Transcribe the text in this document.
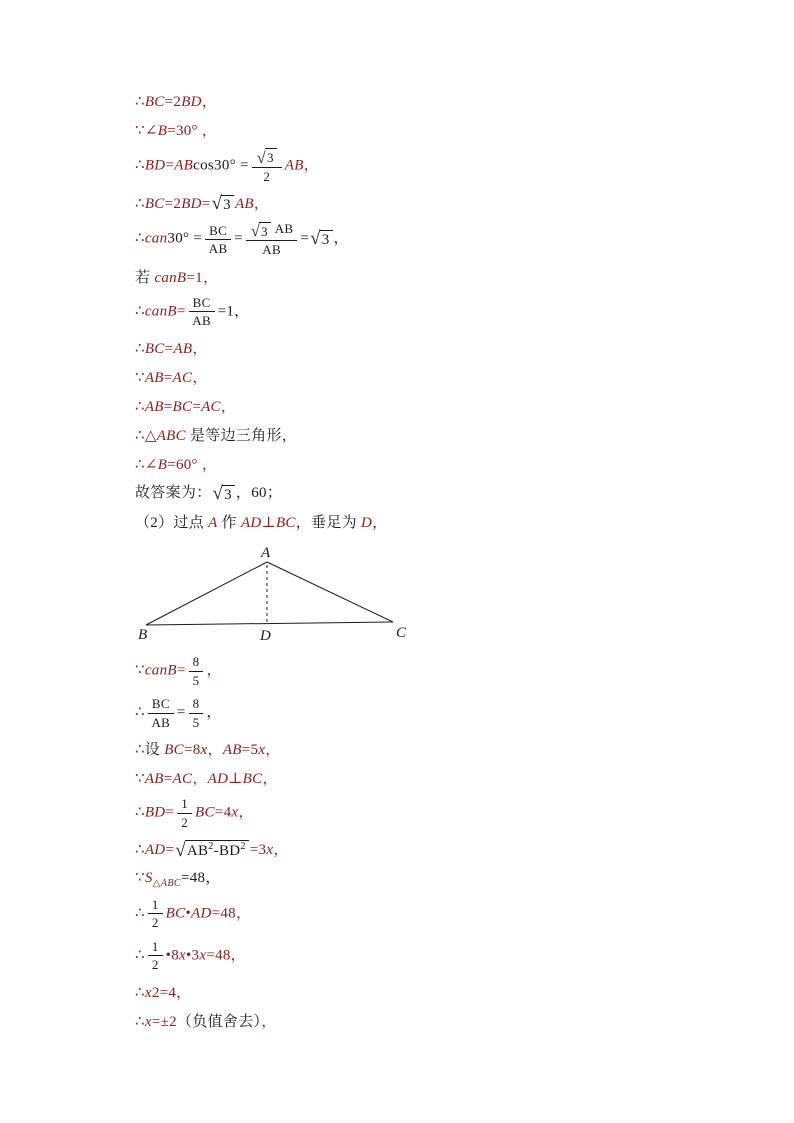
∴BC=2BD，
∵∠B=30° ，
∴BD=ABcos30° = $\frac{√ 3}{2}$ AB，
∴BC=2BD= √ 3 AB，
∴can30° = $\frac{BC}{AB} = \frac{√ 3 AB}{AB}$ = √ 3 ，
若 canB=1，
∴canB= $\frac{BC}{AB} =1$，
∴BC=AB，
∵AB=AC，
∴AB=BC=AC，
∴△ABC 是等边三角形，
∴∠B=60° ，
故答案为： √ 3 ，60；
（2）过点 A 作 AD⊥BC，垂足为 D，
A
B	C
D
∵canB= $\frac{8}{5}$ ，
∴ $\frac{BC}{AB} = \frac{8}{5}$ ，
∴设 BC=8x，AB=5x，
∵AB=AC，AD⊥BC，
∴BD= $\frac{1}{2} BC=4x$，
∴AD= √ $AB^2-BD^2 =3x$，
$\because S_{\triangle ABC}=48$，
∴ $\frac{1}{2}$ BC•AD=48，
∴ $\frac{1}{2}$ •8x•3x=48，
∴x2=4，
∴x=±2（负值舍去），
